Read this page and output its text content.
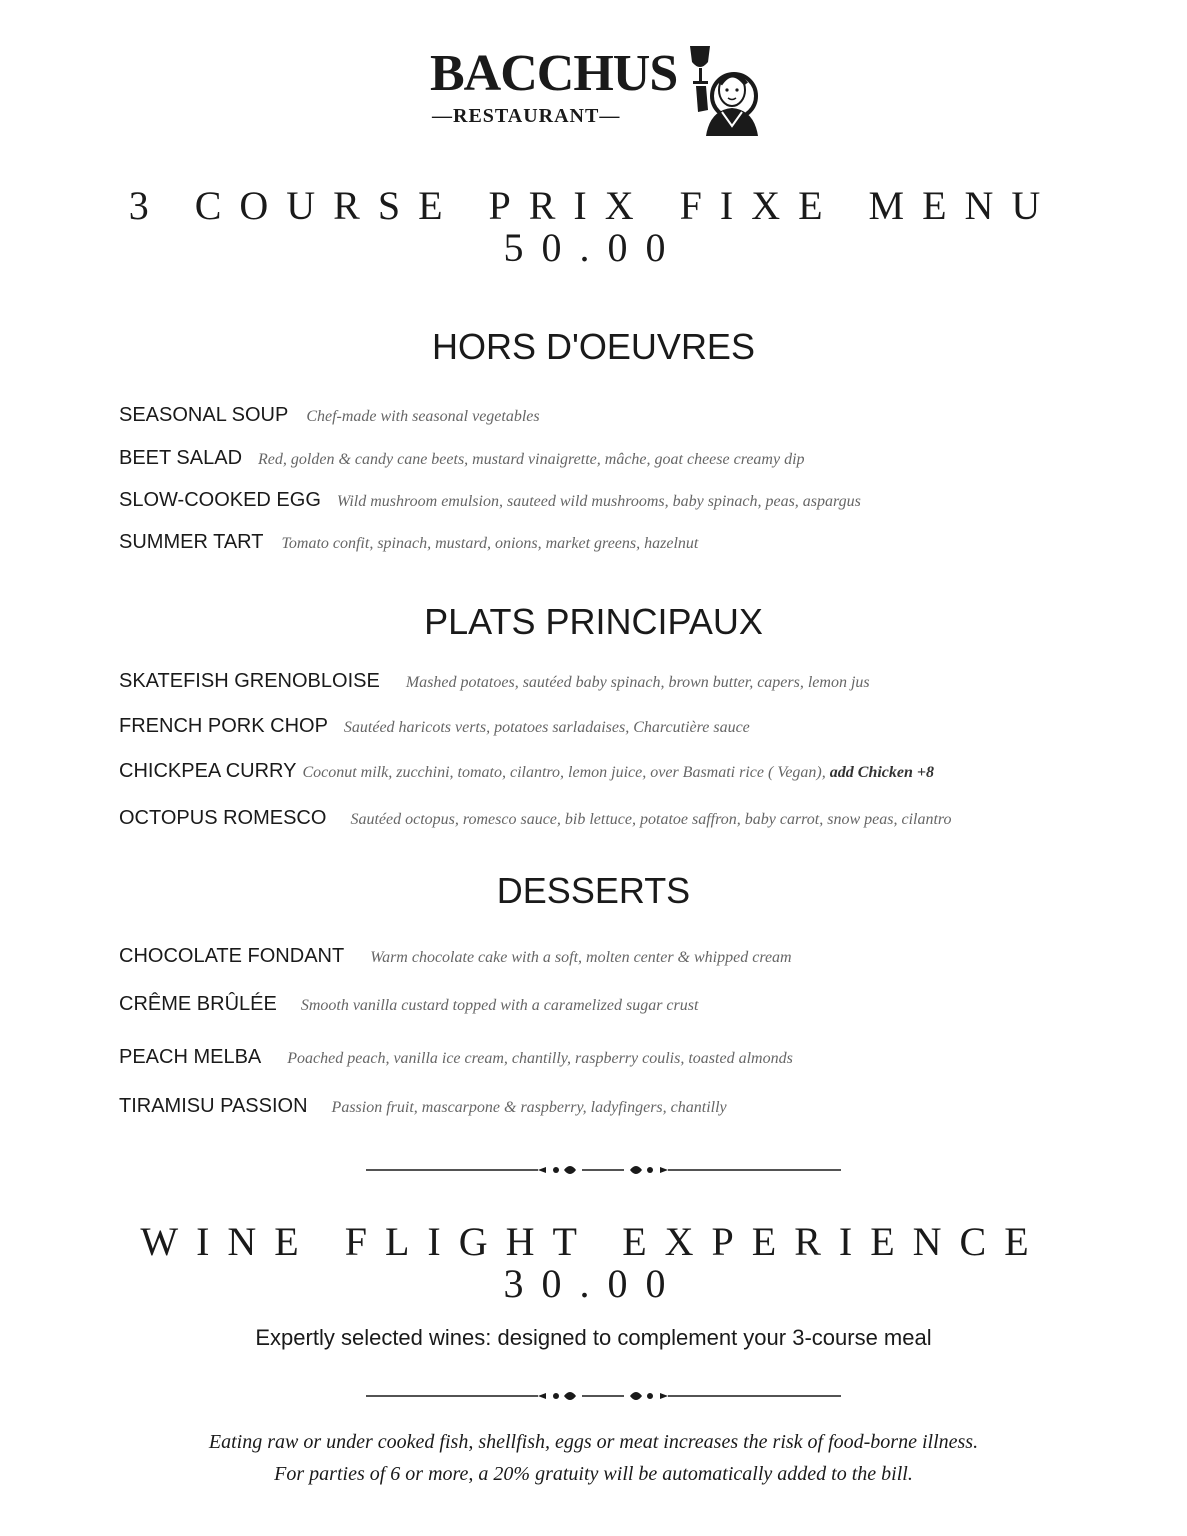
BACCHUS
—RESTAURANT—
3 COURSE PRIX FIXE MENU
50.00
HORS D'OEUVRES
SEASONAL SOUP Chef-made with seasonal vegetables
BEET SALAD Red, golden & candy cane beets, mustard vinaigrette, mâche, goat cheese creamy dip
SLOW-COOKED EGG Wild mushroom emulsion, sauteed wild mushrooms, baby spinach, peas, aspargus
SUMMER TART Tomato confit, spinach, mustard, onions, market greens, hazelnut
PLATS PRINCIPAUX
SKATEFISH GRENOBLOISE Mashed potatoes, sautéed baby spinach, brown butter, capers, lemon jus
FRENCH PORK CHOP Sautéed haricots verts, potatoes sarladaises, Charcutière sauce
CHICKPEA CURRY Coconut milk, zucchini, tomato, cilantro, lemon juice, over Basmati rice ( Vegan), add Chicken +8
OCTOPUS ROMESCO Sautéed octopus, romesco sauce, bib lettuce, potatoe saffron, baby carrot, snow peas, cilantro
DESSERTS
CHOCOLATE FONDANT Warm chocolate cake with a soft, molten center & whipped cream
CRÊME BRÛLÉE Smooth vanilla custard topped with a caramelized sugar crust
PEACH MELBA Poached peach, vanilla ice cream, chantilly, raspberry coulis, toasted almonds
TIRAMISU PASSION Passion fruit, mascarpone & raspberry, ladyfingers, chantilly
WINE FLIGHT EXPERIENCE
30.00
Expertly selected wines: designed to complement your 3-course meal
Eating raw or under cooked fish, shellfish, eggs or meat increases the risk of food-borne illness.
For parties of 6 or more, a 20% gratuity will be automatically added to the bill.
